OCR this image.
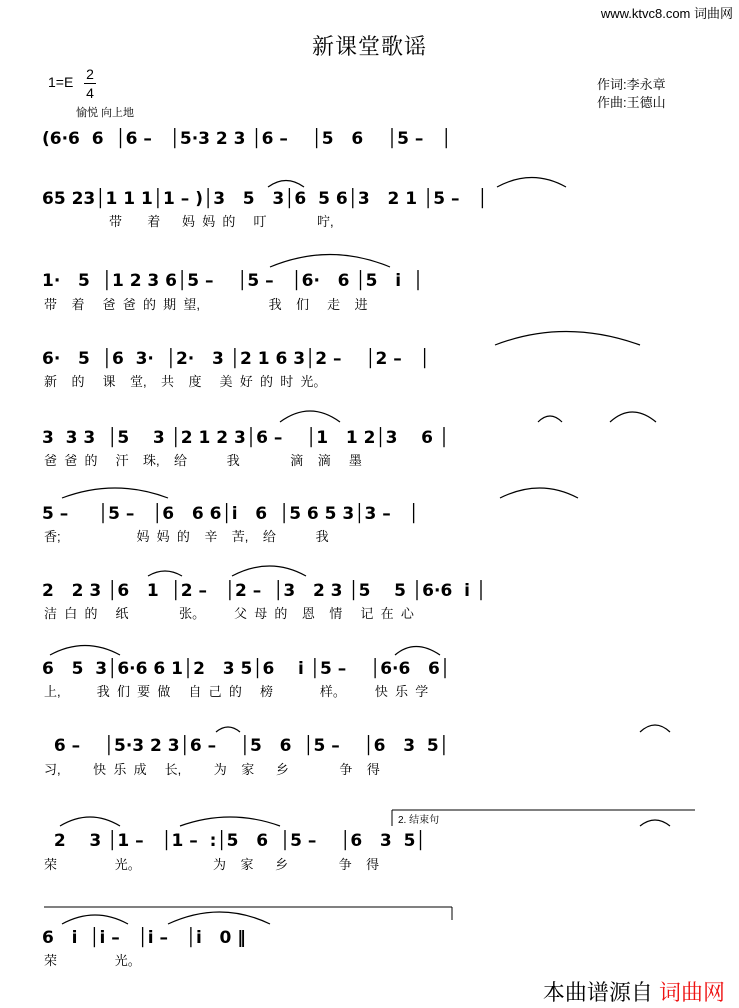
www.ktvc8.com 词曲网
新课堂歌谣
1=E 2
4
愉悦 向上地
作词:李永章
作曲:王德山
(6·6  6  │6 –   │5·3 2 3 │6 –    │5   6    │5 –   │
65 23│1 1 1│1 – )│3   5   3│6  5 6│3   2 1 │5 –   │
带       着      妈  妈  的     叮              咛,
1·   5  │1 2 3 6│5 –    │5 –   │6·   6 │5   i  │
带    着     爸  爸  的  期  望,                   我    们     走    进
6·   5  │6  3·  │2·   3 │2 1 6 3│2 –    │2 –   │
新    的     课    堂,    共    度     美  好  的  时  光。
3  3 3  │5    3 │2 1 2 3│6 –    │1   1 2│3    6 │
爸  爸  的     汗    珠,    给           我              滴    滴     墨
5 –     │5 –   │6   6 6│i   6  │5 6 5 3│3 –   │
香;                     妈  妈  的    辛    苦,    给           我
2   2 3 │6   1  │2 –   │2 –  │3   2 3 │5    5 │6·6  i │
洁  白  的     纸              张。        父  母  的    恩    情     记  在  心
6   5  3│6·6 6 1│2   3 5│6    i │5 –    │6·6   6│
上,          我  们  要  做     自  己  的     榜             样。        快  乐  学
6 –    │5·3 2 3│6 –    │5   6  │5 –    │6   3  5│
习,         快  乐  成     长,         为    家      乡              争    得
2. 结束句
2    3 │1 –   │1 –  :│5   6  │5 –    │6   3  5│
荣                光。                    为    家      乡              争    得
6   i  │i –   │i –   │i   0 ‖
荣                光。
本曲谱源自 词曲网
